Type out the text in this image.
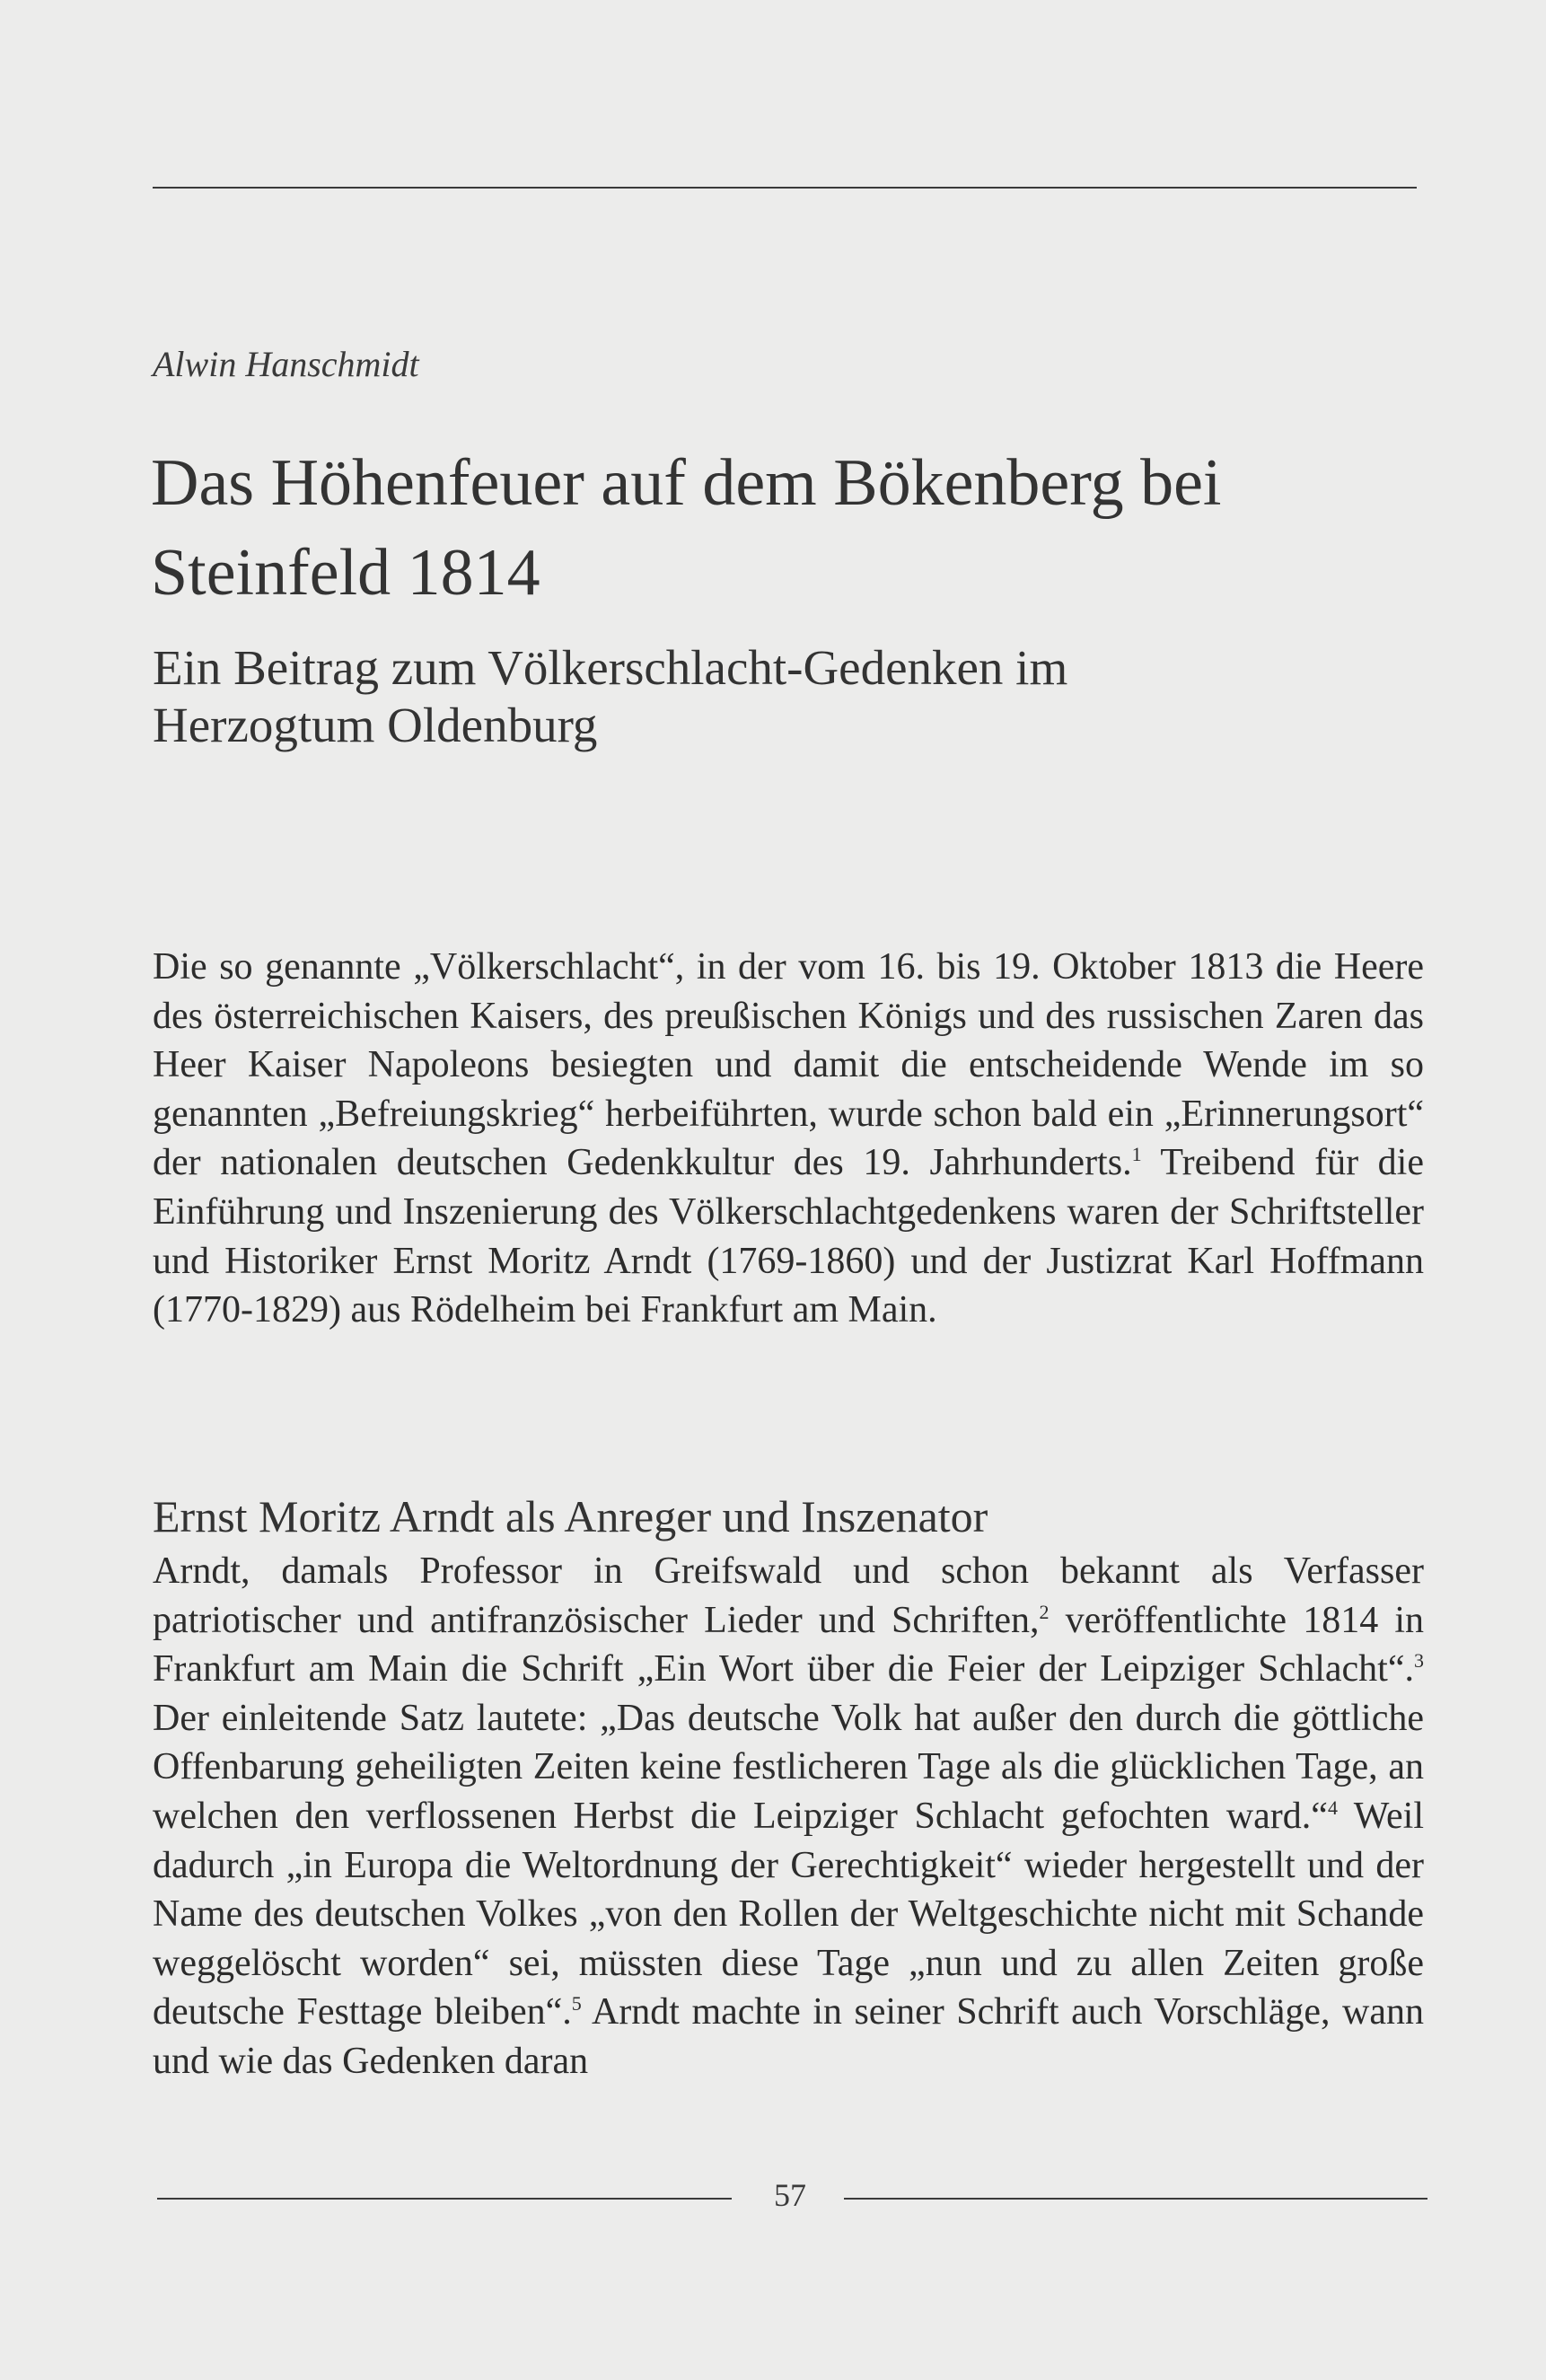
Alwin Hanschmidt
Das Höhenfeuer auf dem Bökenberg bei
Steinfeld 1814
Ein Beitrag zum Völkerschlacht-Gedenken im
Herzogtum Oldenburg
Die so genannte „Völkerschlacht“, in der vom 16. bis 19. Oktober 1813 die Heere des österreichischen Kaisers, des preußischen Königs und des russischen Zaren das Heer Kaiser Napoleons besiegten und damit die entscheidende Wende im so genannten „Befreiungskrieg“ herbeiführten, wurde schon bald ein „Erinnerungsort“ der nationalen deutschen Gedenkkultur des 19. Jahrhunderts.$^1$ Treibend für die Einführung und Inszenierung des Völkerschlachtgedenkens waren der Schriftsteller und Historiker Ernst Moritz Arndt (1769-1860) und der Justizrat Karl Hoffmann (1770-1829) aus Rödelheim bei Frankfurt am Main.
Ernst Moritz Arndt als Anreger und Inszenator
Arndt, damals Professor in Greifswald und schon bekannt als Verfasser patriotischer und antifranzösischer Lieder und Schriften,$^2$ veröffentlichte 1814 in Frankfurt am Main die Schrift „Ein Wort über die Feier der Leipziger Schlacht“.$^3$ Der einleitende Satz lautete: „Das deutsche Volk hat außer den durch die göttliche Offenbarung geheiligten Zeiten keine festlicheren Tage als die glücklichen Tage, an welchen den verflossenen Herbst die Leipziger Schlacht gefochten ward.“$^4$ Weil dadurch „in Europa die Weltordnung der Gerechtigkeit“ wieder hergestellt und der Name des deutschen Volkes „von den Rollen der Weltgeschichte nicht mit Schande weggelöscht worden“ sei, müssten diese Tage „nun und zu allen Zeiten große deutsche Festtage bleiben“.$^5$ Arndt machte in seiner Schrift auch Vorschläge, wann und wie das Gedenken daran
57
